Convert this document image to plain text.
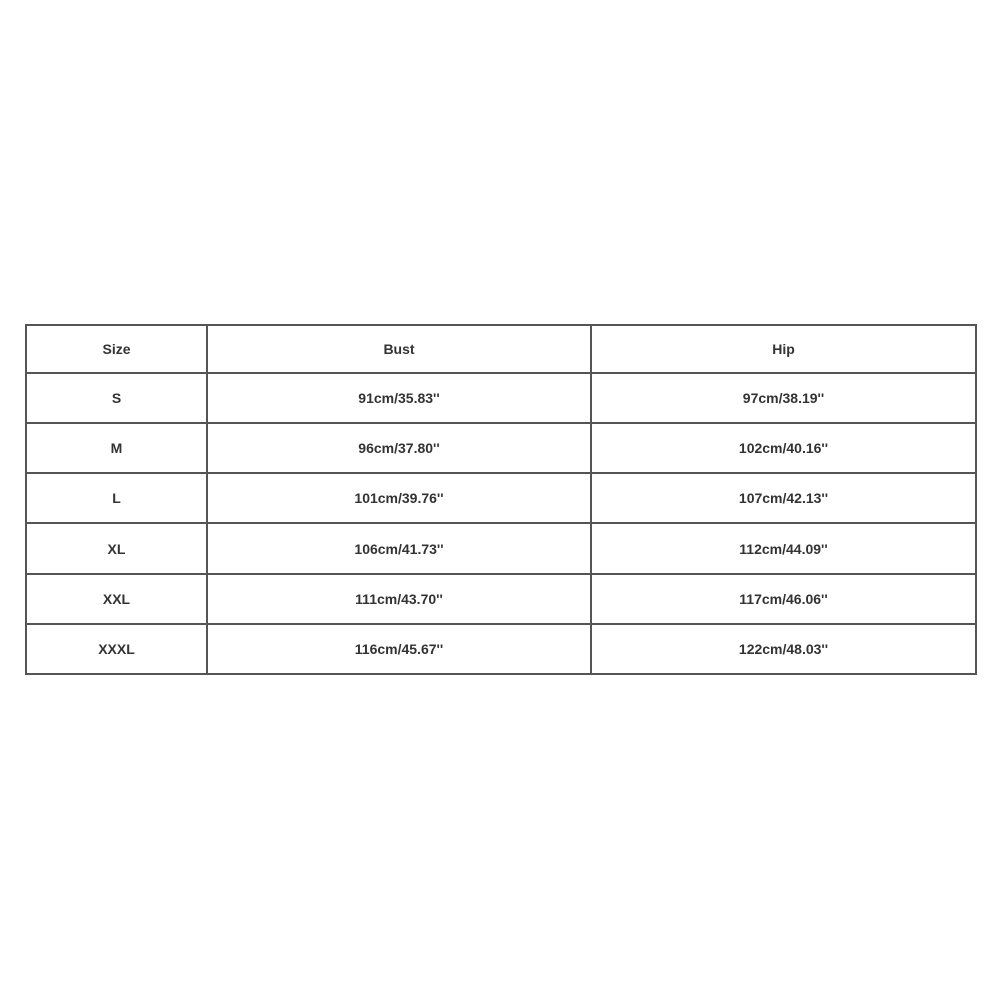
Size	Bust	Hip
S	91cm/35.83''	97cm/38.19''
M	96cm/37.80''	102cm/40.16''
L	101cm/39.76''	107cm/42.13''
XL	106cm/41.73''	112cm/44.09''
XXL	111cm/43.70''	117cm/46.06''
XXXL	116cm/45.67''	122cm/48.03''
